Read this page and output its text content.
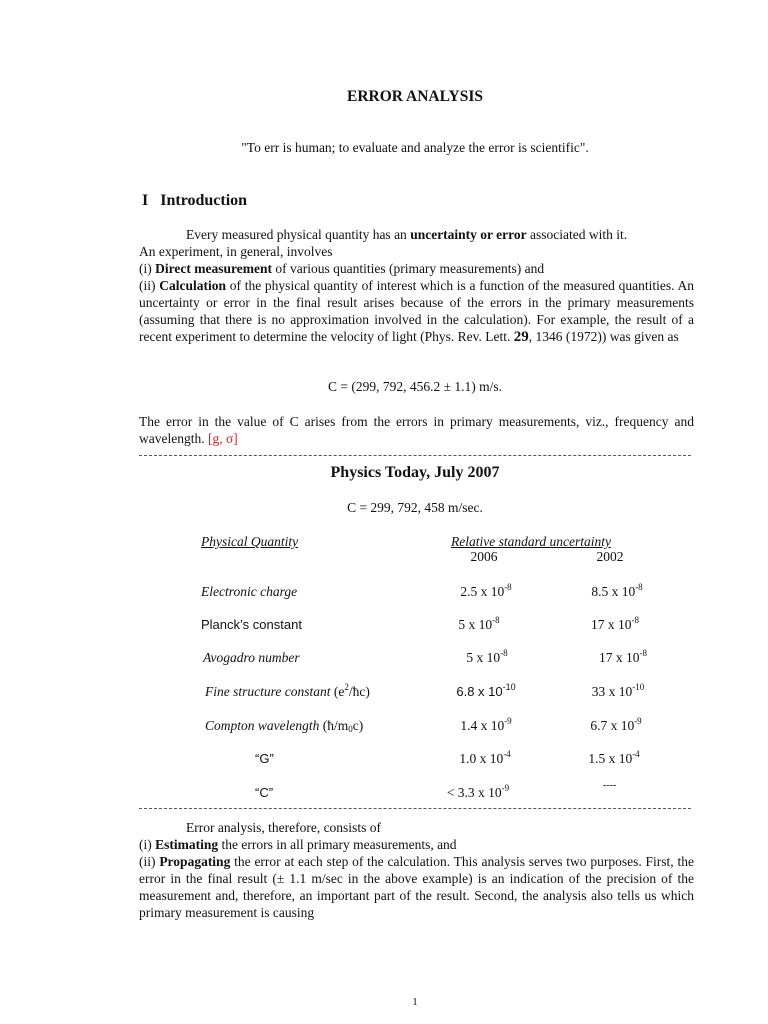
ERROR ANALYSIS
"To err is human; to evaluate and analyze the error is scientific".
I Introduction
Every measured physical quantity has an uncertainty or error associated with it.
An experiment, in general, involves
(i) Direct measurement of various quantities (primary measurements) and
(ii) Calculation of the physical quantity of interest which is a function of the measured quantities. An uncertainty or error in the final result arises because of the errors in the primary measurements (assuming that there is no approximation involved in the calculation). For example, the result of a recent experiment to determine the velocity of light (Phys. Rev. Lett. 29, 1346 (1972)) was given as
C = (299, 792, 456.2 ± 1.1) m/s.
The error in the value of C arises from the errors in primary measurements, viz., frequency and wavelength. [g, σ]
Physics Today, July 2007
C = 299, 792, 458 m/sec.
Physical Quantity	Relative standard uncertainty
2006	2002
Electronic charge	2.5 x $10^{-8}$	8.5 x $10^{-8}$
Planck’s constant	5 x $10^{-8}$	17 x $10^{-8}$
Avogadro number	5 x $10^{-8}$	17 x $10^{-8}$
Fine structure constant $(e^2/ħc)$	6.8 x $10^{-10}$	33 x $10^{-10}$
Compton wavelength $(ħ/m_0c)$	1.4 x $10^{-9}$	6.7 x $10^{-9}$
“G”	1.0 x $10^{-4}$	1.5 x $10^{-4}$
“C”	< 3.3 x $10^{-9}$	----
Error analysis, therefore, consists of
(i) Estimating the errors in all primary measurements, and
(ii) Propagating the error at each step of the calculation. This analysis serves two purposes. First, the error in the final result (± 1.1 m/sec in the above example) is an indication of the precision of the measurement and, therefore, an important part of the result. Second, the analysis also tells us which primary measurement is causing
1
